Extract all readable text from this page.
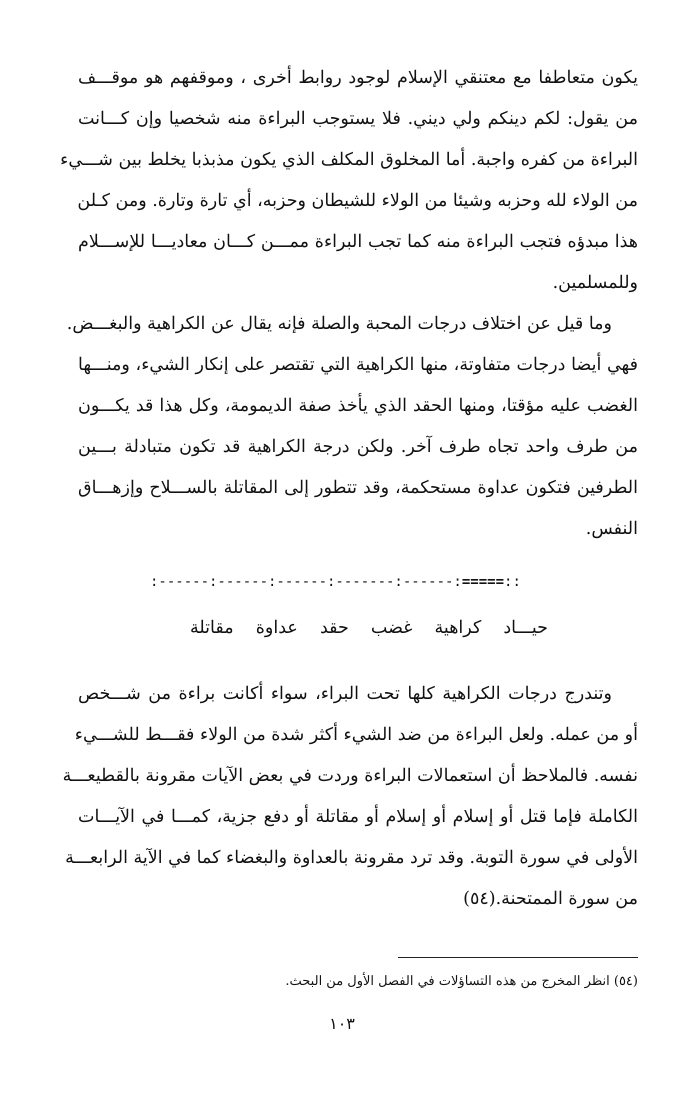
يكون متعاطفا مع معتنقي الإسلام لوجود روابط أخرى ، وموقفهم هو موقـــف
من يقول: لكم دينكم ولي ديني. فلا يستوجب البراءة منه شخصيا وإن كـــانت
البراءة من كفره واجبة. أما المخلوق المكلف الذي يكون مذبذبا يخلط بين شـــيء
من الولاء لله وحزبه وشيئا من الولاء للشيطان وحزبه، أي تارة وتارة. ومن كـلن
هذا مبدؤه فتجب البراءة منه كما تجب البراءة ممـــن كـــان معاديـــا للإســـلام
وللمسلمين.

وما قيل عن اختلاف درجات المحبة والصلة فإنه يقال عن الكراهية والبغـــض.
فهي أيضا درجات متفاوتة، منها الكراهية التي تقتصر على إنكار الشيء، ومنـــها
الغضب عليه مؤقتا، ومنها الحقد الذي يأخذ صفة الديمومة، وكل هذا قد يكـــون
من طرف واحد تجاه طرف آخر. ولكن درجة الكراهية قد تكون متبادلة بـــين
الطرفين فتكون عداوة مستحكمة، وقد تتطور إلى المقاتلة بالســـلاح وإزهـــاق
النفس.

:------:------:------:-------:------:=====::
حيـــاد
كراهية
غضب
حقد
عداوة
مقاتلة

وتندرج درجات الكراهية كلها تحت البراء، سواء أكانت براءة من شـــخص
أو من عمله. ولعل البراءة من ضد الشيء أكثر شدة من الولاء فقـــط للشـــيء
نفسه. فالملاحظ أن استعمالات البراءة وردت في بعض الآيات مقرونة بالقطيعـــة
الكاملة فإما قتل أو إسلام أو إسلام أو مقاتلة أو دفع جزية، كمـــا في الآيـــات
الأولى في سورة التوبة. وقد ترد مقرونة بالعداوة والبغضاء كما في الآية الرابعـــة
من سورة الممتحنة.(٥٤)

(٥٤) انظر المخرج من هذه التساؤلات في الفصل الأول من البحث.
١٠٣
